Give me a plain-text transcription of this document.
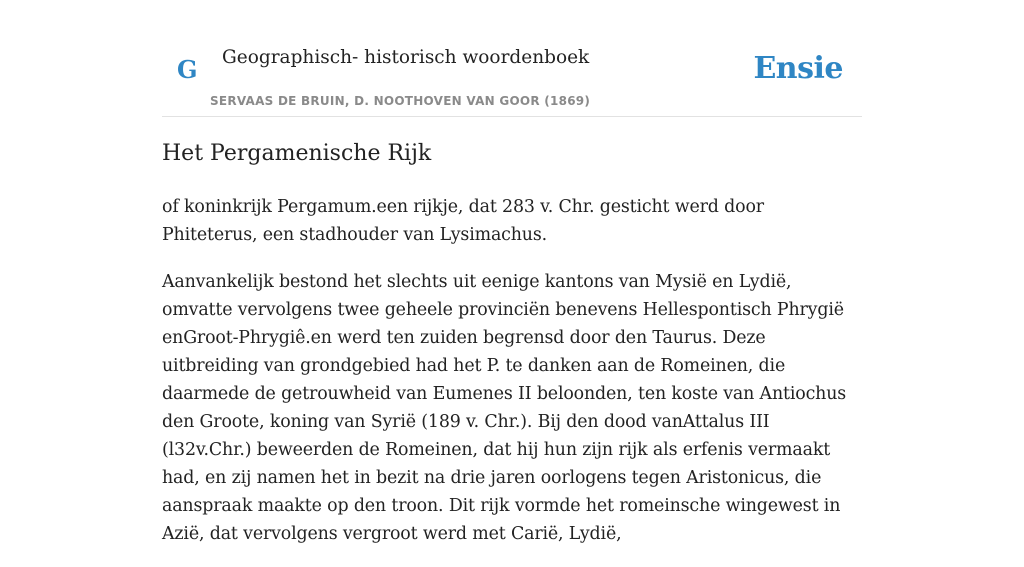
G Geographisch- historisch woordenboek
SERVAAS DE BRUIN, D. NOOTHOVEN VAN GOOR (1869)
Ensie
Het Pergamenische Rijk

of koninkrijk Pergamum.een rijkje, dat 283 v. Chr. gesticht werd door Phiteterus, een stadhouder van Lysimachus.

Aanvankelijk bestond het slechts uit eenige kantons van Mysië en Lydië, omvatte vervolgens twee geheele provinciën benevens Hellespontisch Phrygië enGroot-Phrygiê.en werd ten zuiden begrensd door den Taurus. Deze uitbreiding van grondgebied had het P. te danken aan de Romeinen, die daarmede de getrouwheid van Eumenes II beloonden, ten koste van Antiochus den Groote, koning van Syrië (189 v. Chr.). Bij den dood vanAttalus III (l32v.Chr.) beweerden de Romeinen, dat hij hun zijn rijk als erfenis vermaakt had, en zij namen het in bezit na drie jaren oorlogens tegen Aristonicus, die aanspraak maakte op den troon. Dit rijk vormde het romeinsche wingewest in Azië, dat vervolgens vergroot werd met Carië, Lydië,
